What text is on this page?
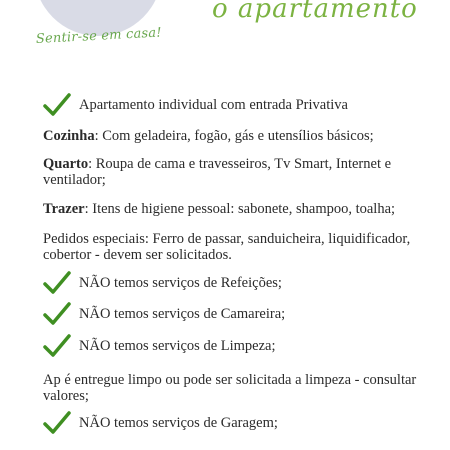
Sentir-se em casa!
o apartamento
Apartamento individual com entrada Privativa
Cozinha: Com geladeira, fogão, gás e utensílios básicos;
Quarto: Roupa de cama e travesseiros, Tv Smart, Internet e ventilador;
Trazer: Itens de higiene pessoal: sabonete, shampoo, toalha;
Pedidos especiais: Ferro de passar, sanduicheira, liquidificador, cobertor - devem ser solicitados.
NÃO temos serviços de Refeições;
NÃO temos serviços de Camareira;
NÃO temos serviços de Limpeza;
Ap é entregue limpo ou pode ser solicitada a limpeza - consultar valores;
NÃO temos serviços de Garagem;
